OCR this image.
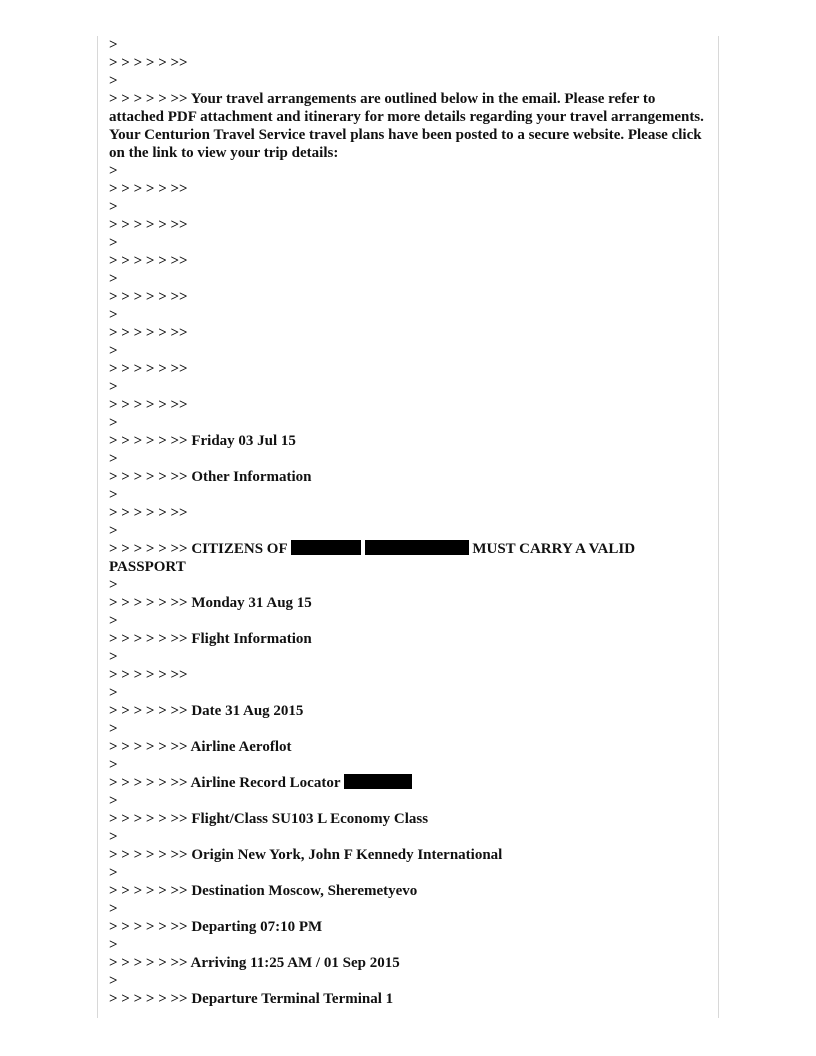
>
> > > > > >>
>
> > > > > >> Your travel arrangements are outlined below in the email. Please refer to attached PDF attachment and itinerary for more details regarding your travel arrangements. Your Centurion Travel Service travel plans have been posted to a secure website. Please click on the link to view your trip details:
>
> > > > > >>
>
> > > > > >>
>
> > > > > >>
>
> > > > > >>
>
> > > > > >>
>
> > > > > >>
>
> > > > > >>
>
> > > > > >> Friday 03 Jul 15
>
> > > > > >> Other Information
>
> > > > > >>
>
> > > > > >> CITIZENS OF	MUST CARRY A VALID PASSPORT
>
> > > > > >> Monday 31 Aug 15
>
> > > > > >> Flight Information
>
> > > > > >>
>
> > > > > >> Date 31 Aug 2015
>
> > > > > >> Airline Aeroflot
>
> > > > > >> Airline Record Locator
>
> > > > > >> Flight/Class SU103 L Economy Class
>
> > > > > >> Origin New York, John F Kennedy International
>
> > > > > >> Destination Moscow, Sheremetyevo
>
> > > > > >> Departing 07:10 PM
>
> > > > > >> Arriving 11:25 AM / 01 Sep 2015
>
> > > > > >> Departure Terminal Terminal 1
